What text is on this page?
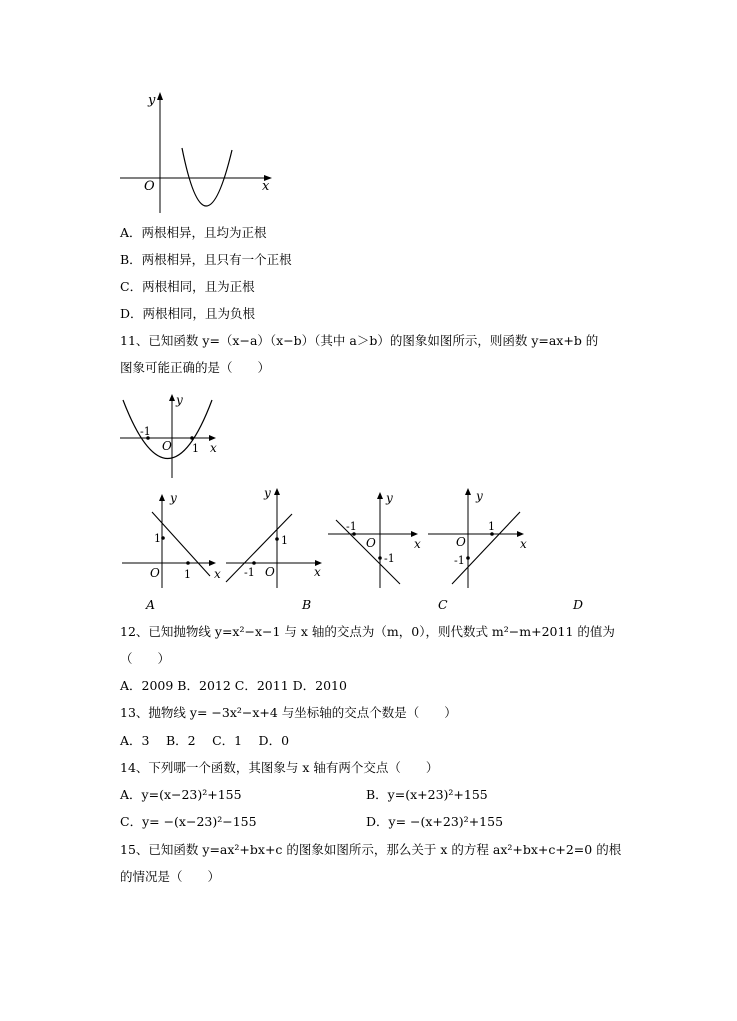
x
y
O
A．两根相异，且均为正根
B．两根相异，且只有一个正根
C．两根相同，且为正根
D．两根相同，且为负根
11、已知函数 y=（x−a）（x−b）（其中 a＞b）的图象如图所示，则函数 y=ax+b 的
图象可能正确的是（　　）
-1
1
O	x
y
1
1
O	x
y
1
-1 O	x
y
-1
-1
O	x
y
1
-1
O	x
y
A	B	C	D
12、已知抛物线 y=x²−x−1 与 x 轴的交点为（m，0），则代数式 m²−m+2011 的值为
（　　）
A．2009 B．2012 C．2011 D．2010
13、抛物线 y= −3x²−x+4 与坐标轴的交点个数是（　　）
A．3　 B．2　 C．1　 D．0
14、下列哪一个函数，其图象与 x 轴有两个交点（　　）
A．y=(x−23)²+155	B．y=(x+23)²+155
C．y= −(x−23)²−155	D．y= −(x+23)²+155
15、已知函数 y=ax²+bx+c 的图象如图所示，那么关于 x 的方程 ax²+bx+c+2=0 的根
的情况是（　　）
